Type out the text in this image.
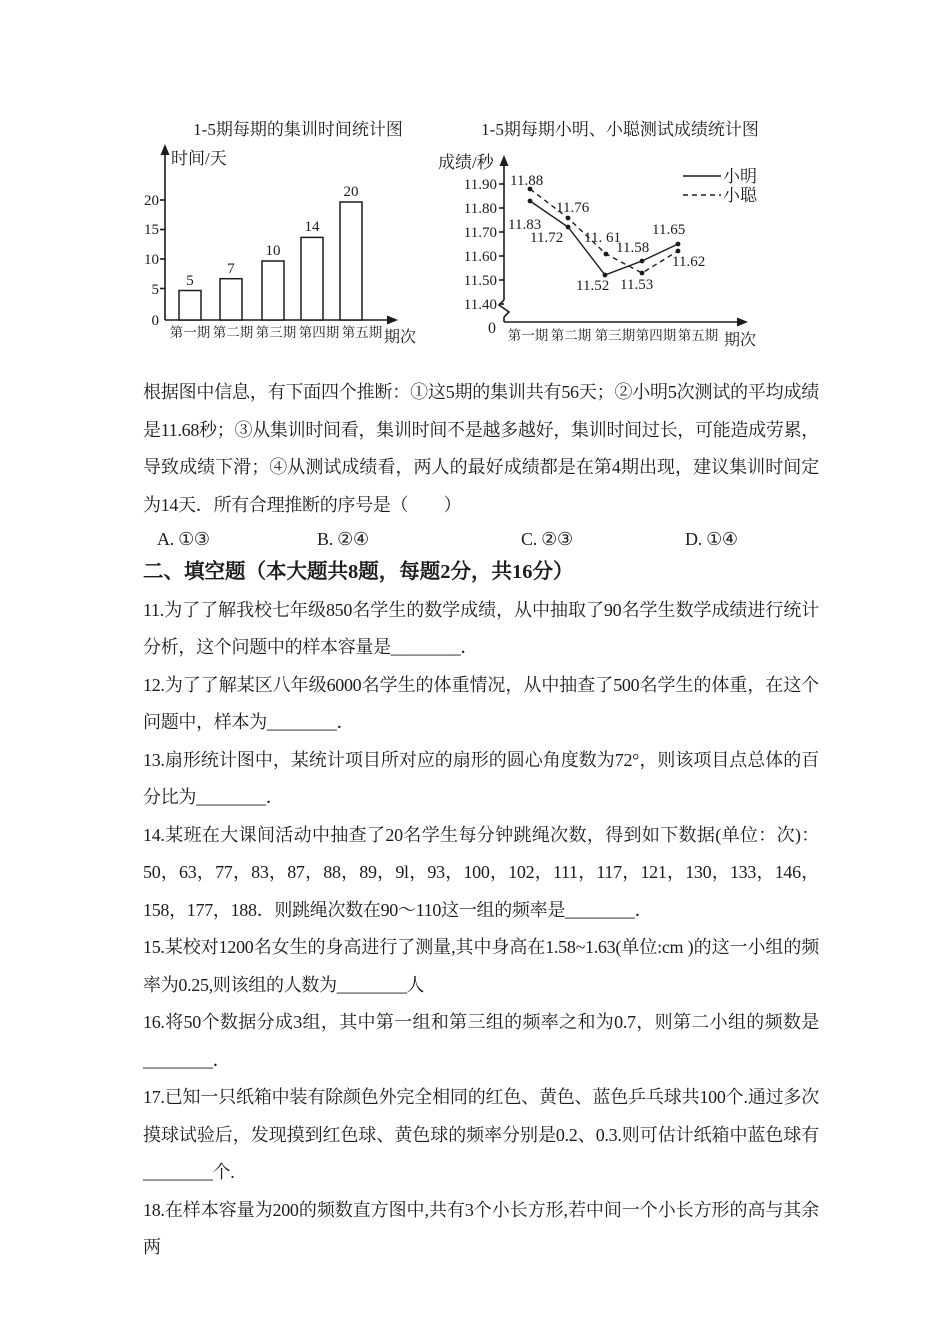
1-5期每期的集训时间统计图
时间/天
0
5
10
15
20
5
7
10
14
20
第一期 第二期 第三期 第四期 第五期 期次
1-5期每期小明、小聪测试成绩统计图
成绩/秒
11.90
11.80
11.70
11.60
11.50
11.40
0
11.88
11.83
11.76
11.72 11. 61
11.52
11.58
11.53
11.65
11.62
小明
小聪
第一期 第二期 第三期 第四期 第五期 期次

根据图中信息，有下面四个推断：①这5期的集训共有56天；②小明5次测试的平均成绩是11.68秒；③从集训时间看，集训时间不是越多越好，集训时间过长，可能造成劳累，导致成绩下滑；④从测试成绩看，两人的最好成绩都是在第4期出现，建议集训时间定为14天．所有合理推断的序号是（　　）

A. ①③	B. ②④	C. ②③	D. ①④

二、填空题（本大题共8题，每题2分，共16分）

11.为了了解我校七年级850名学生的数学成绩，从中抽取了90名学生数学成绩进行统计分析，这个问题中的样本容量是________．

12.为了了解某区八年级6000名学生的体重情况，从中抽查了500名学生的体重，在这个问题中，样本为________．

13.扇形统计图中，某统计项目所对应的扇形的圆心角度数为72°，则该项目点总体的百分比为________．

14.某班在大课间活动中抽查了20名学生每分钟跳绳次数，得到如下数据(单位：次)：50，63，77，83，87，88，89，9l，93，100，102，111，117，121，130，133，146，158，177，188．则跳绳次数在90～110这一组的频率是________．

15.某校对1200名女生的身高进行了测量,其中身高在1.58~1.63(单位:cm )的这一小组的频率为0.25,则该组的人数为________人

16.将50个数据分成3组，其中第一组和第三组的频率之和为0.7，则第二小组的频数是________．

17.已知一只纸箱中装有除颜色外完全相同的红色、黄色、蓝色乒乓球共100个.通过多次摸球试验后，发现摸到红色球、黄色球的频率分别是0.2、0.3.则可估计纸箱中蓝色球有________个.

18.在样本容量为200的频数直方图中,共有3个小长方形,若中间一个小长方形的高与其余两
